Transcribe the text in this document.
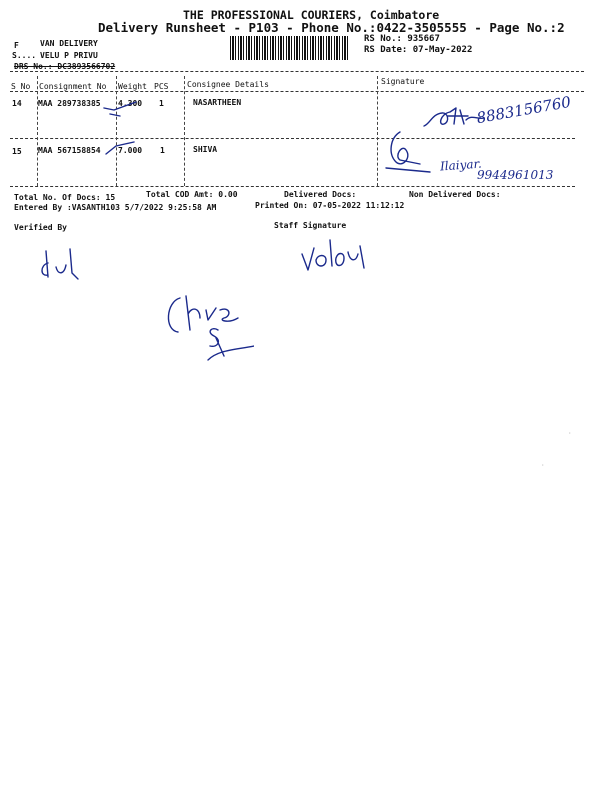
THE PROFESSIONAL COURIERS, Coimbatore
Delivery Runsheet - P103 - Phone No.:0422-3505555 - Page No.:2
RS No.: 935667
RS Date: 07-May-2022
F	VAN DELIVERY
S.... VELU P PRIVU
DRS No.: DC3893566702
S No Consignment No Weight PCS Consignee Details	Signature
14 MAA 289738385 4.300 1	NASARTHEEN	8883156760
15 MAA 567158854 7.000 1	SHIVA
Ilaiyar.
9944961013
Total No. Of Docs: 15	Total COD Amt: 0.00	Delivered Docs:	Non Delivered Docs:
Entered By :VASANTH103 5/7/2022 9:25:58 AM	Printed On: 07-05-2022 11:12:12
Verified By	Staff Signature
·
·
